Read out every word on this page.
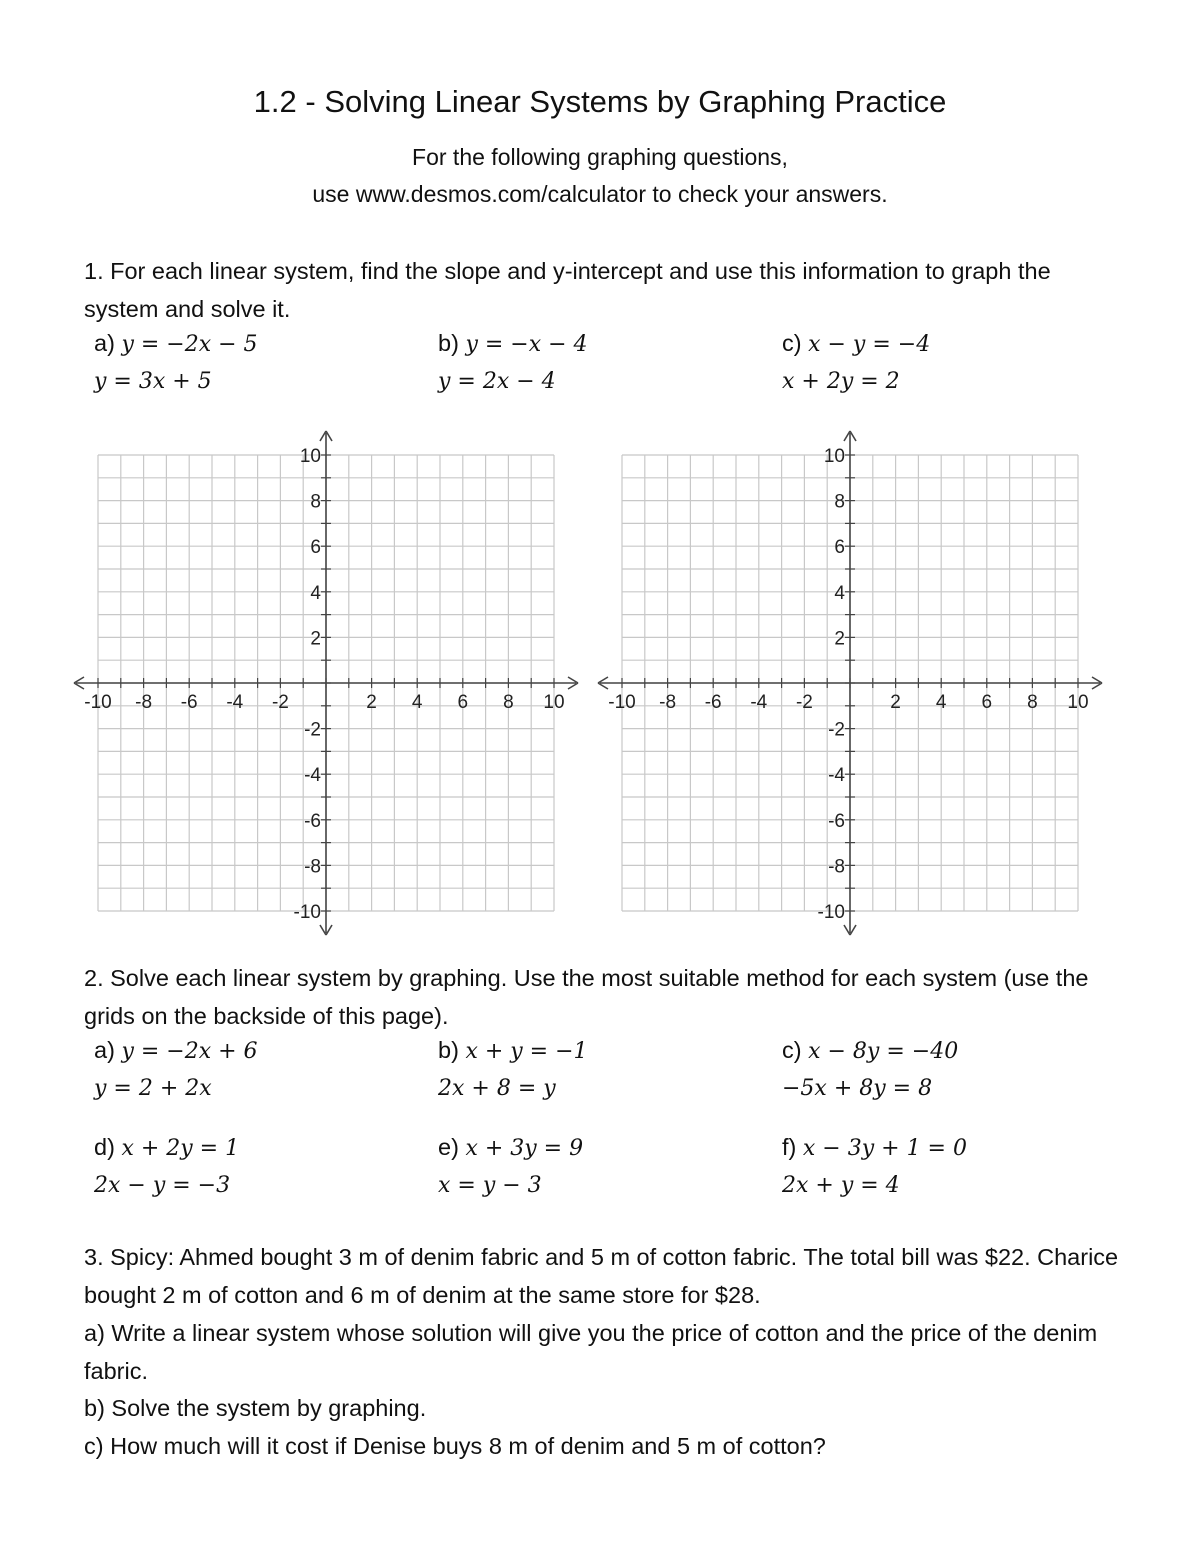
1.2 - Solving Linear Systems by Graphing Practice
For the following graphing questions,
use www.desmos.com/calculator to check your answers.
1. For each linear system, find the slope and y-intercept and use this information to graph the system and solve it.
a) y = −2x − 5
y = 3x + 5
b) y = −x − 4
y = 2x − 4
c) x − y = −4
x + 2y = 2
-10 -8 -6 -4 -2	2 4 6 8 10
10
8
6
4
2
-2
-4
-6
-8
-10
-10 -8 -6 -4 -2	2 4 6 8 10
10
8
6
4
2
-2
-4
-6
-8
-10
2. Solve each linear system by graphing. Use the most suitable method for each system (use the grids on the backside of this page).
a) y = −2x + 6
y = 2 + 2x
b) x + y = −1
2x + 8 = y
c) x − 8y = −40
−5x + 8y = 8
d) x + 2y = 1
2x − y = −3
e) x + 3y = 9
x = y − 3
f) x − 3y + 1 = 0
2x + y = 4
3. Spicy: Ahmed bought 3 m of denim fabric and 5 m of cotton fabric. The total bill was $22. Charice bought 2 m of cotton and 6 m of denim at the same store for $28.
a) Write a linear system whose solution will give you the price of cotton and the price of the denim fabric.
b) Solve the system by graphing.
c) How much will it cost if Denise buys 8 m of denim and 5 m of cotton?
